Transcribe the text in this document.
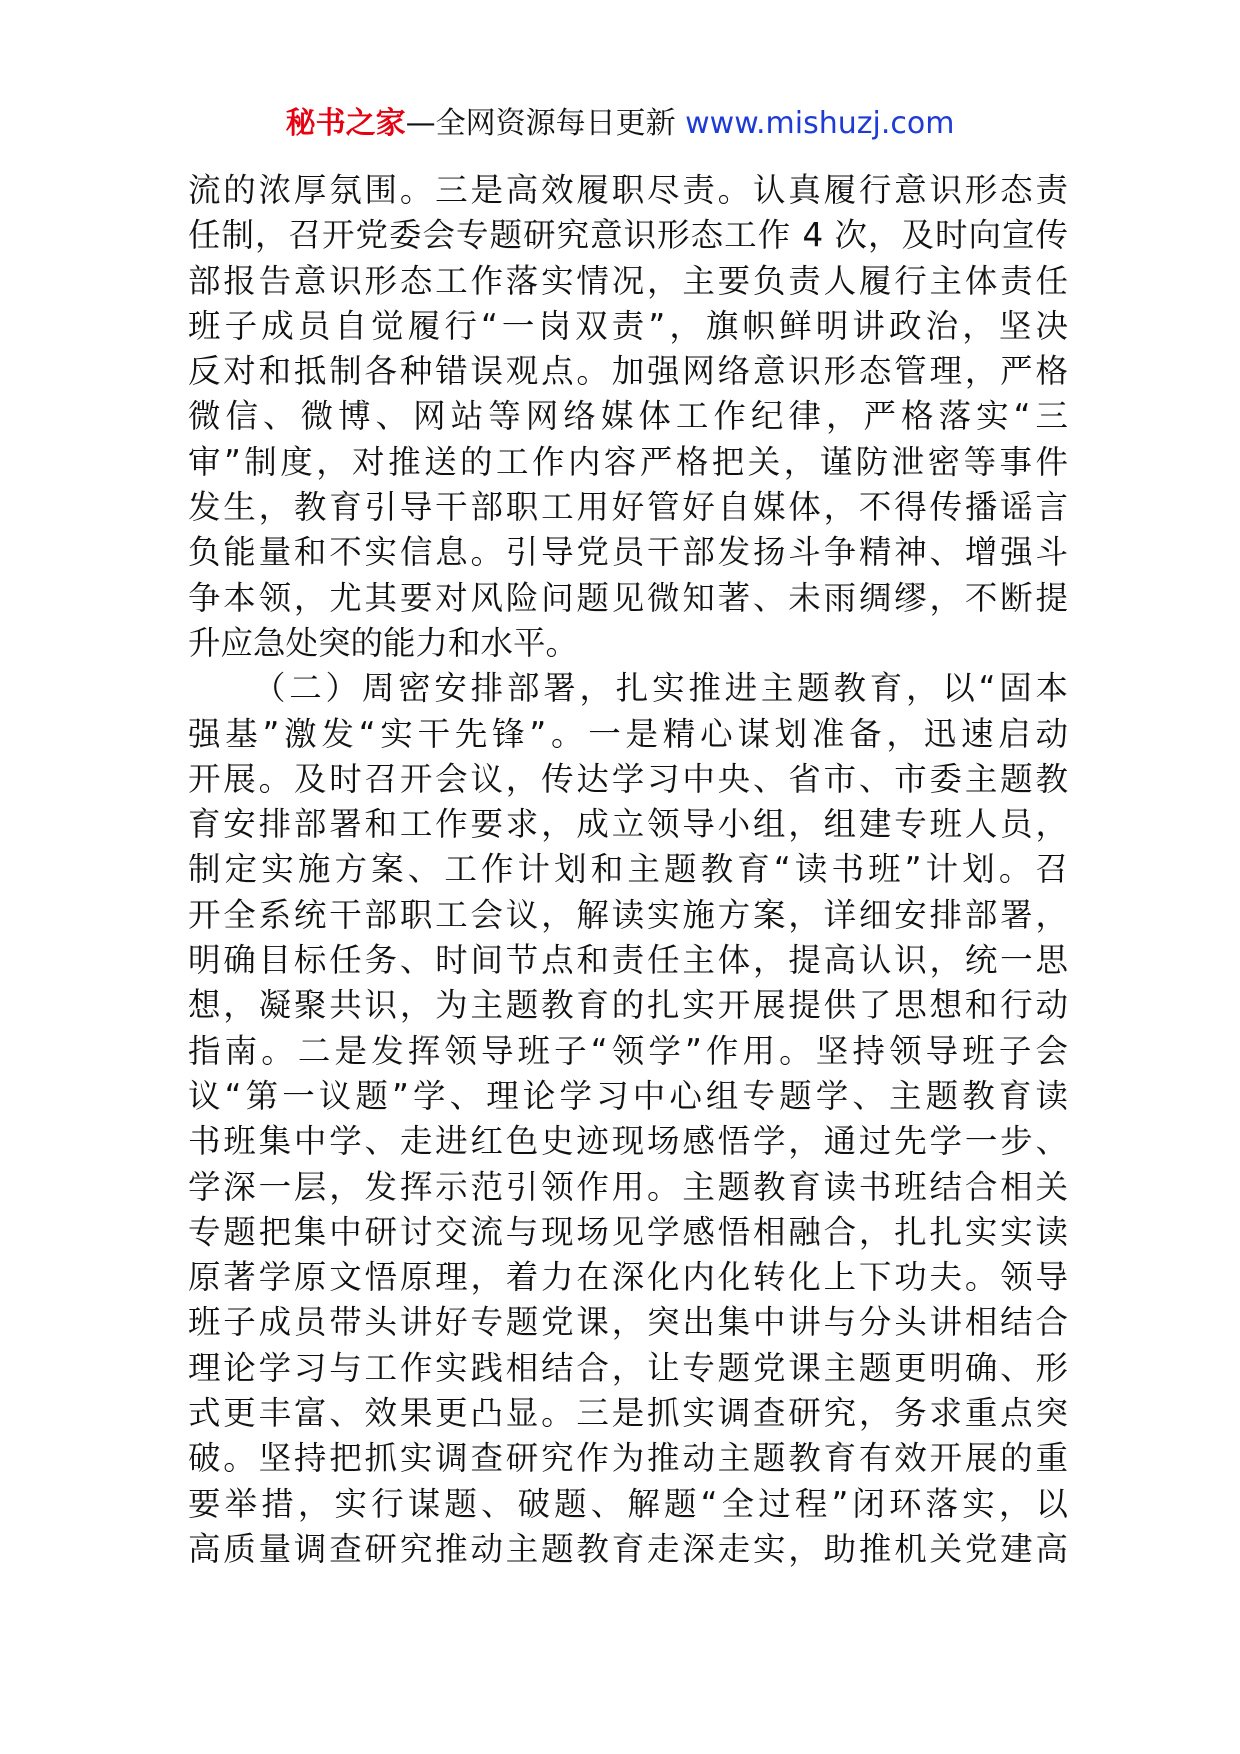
秘书之家—全网资源每日更新 www.mishuzj.com
流的浓厚氛围。三是高效履职尽责。认真履行意识形态责
任制，召开党委会专题研究意识形态工作 4 次，及时向宣传
部报告意识形态工作落实情况，主要负责人履行主体责任
班子成员自觉履行“一岗双责”，旗帜鲜明讲政治，坚决
反对和抵制各种错误观点。加强网络意识形态管理，严格
微信、微博、网站等网络媒体工作纪律，严格落实“三
审”制度，对推送的工作内容严格把关，谨防泄密等事件
发生，教育引导干部职工用好管好自媒体，不得传播谣言
负能量和不实信息。引导党员干部发扬斗争精神、增强斗
争本领，尤其要对风险问题见微知著、未雨绸缪，不断提
升应急处突的能力和水平。
（二）周密安排部署，扎实推进主题教育，以“固本
强基”激发“实干先锋”。一是精心谋划准备，迅速启动
开展。及时召开会议，传达学习中央、省市、市委主题教
育安排部署和工作要求，成立领导小组，组建专班人员，
制定实施方案、工作计划和主题教育“读书班”计划。召
开全系统干部职工会议，解读实施方案，详细安排部署，
明确目标任务、时间节点和责任主体，提高认识，统一思
想，凝聚共识，为主题教育的扎实开展提供了思想和行动
指南。二是发挥领导班子“领学”作用。坚持领导班子会
议“第一议题”学、理论学习中心组专题学、主题教育读
书班集中学、走进红色史迹现场感悟学，通过先学一步、
学深一层，发挥示范引领作用。主题教育读书班结合相关
专题把集中研讨交流与现场见学感悟相融合，扎扎实实读
原著学原文悟原理，着力在深化内化转化上下功夫。领导
班子成员带头讲好专题党课，突出集中讲与分头讲相结合
理论学习与工作实践相结合，让专题党课主题更明确、形
式更丰富、效果更凸显。三是抓实调查研究，务求重点突
破。坚持把抓实调查研究作为推动主题教育有效开展的重
要举措，实行谋题、破题、解题“全过程”闭环落实，以
高质量调查研究推动主题教育走深走实，助推机关党建高
